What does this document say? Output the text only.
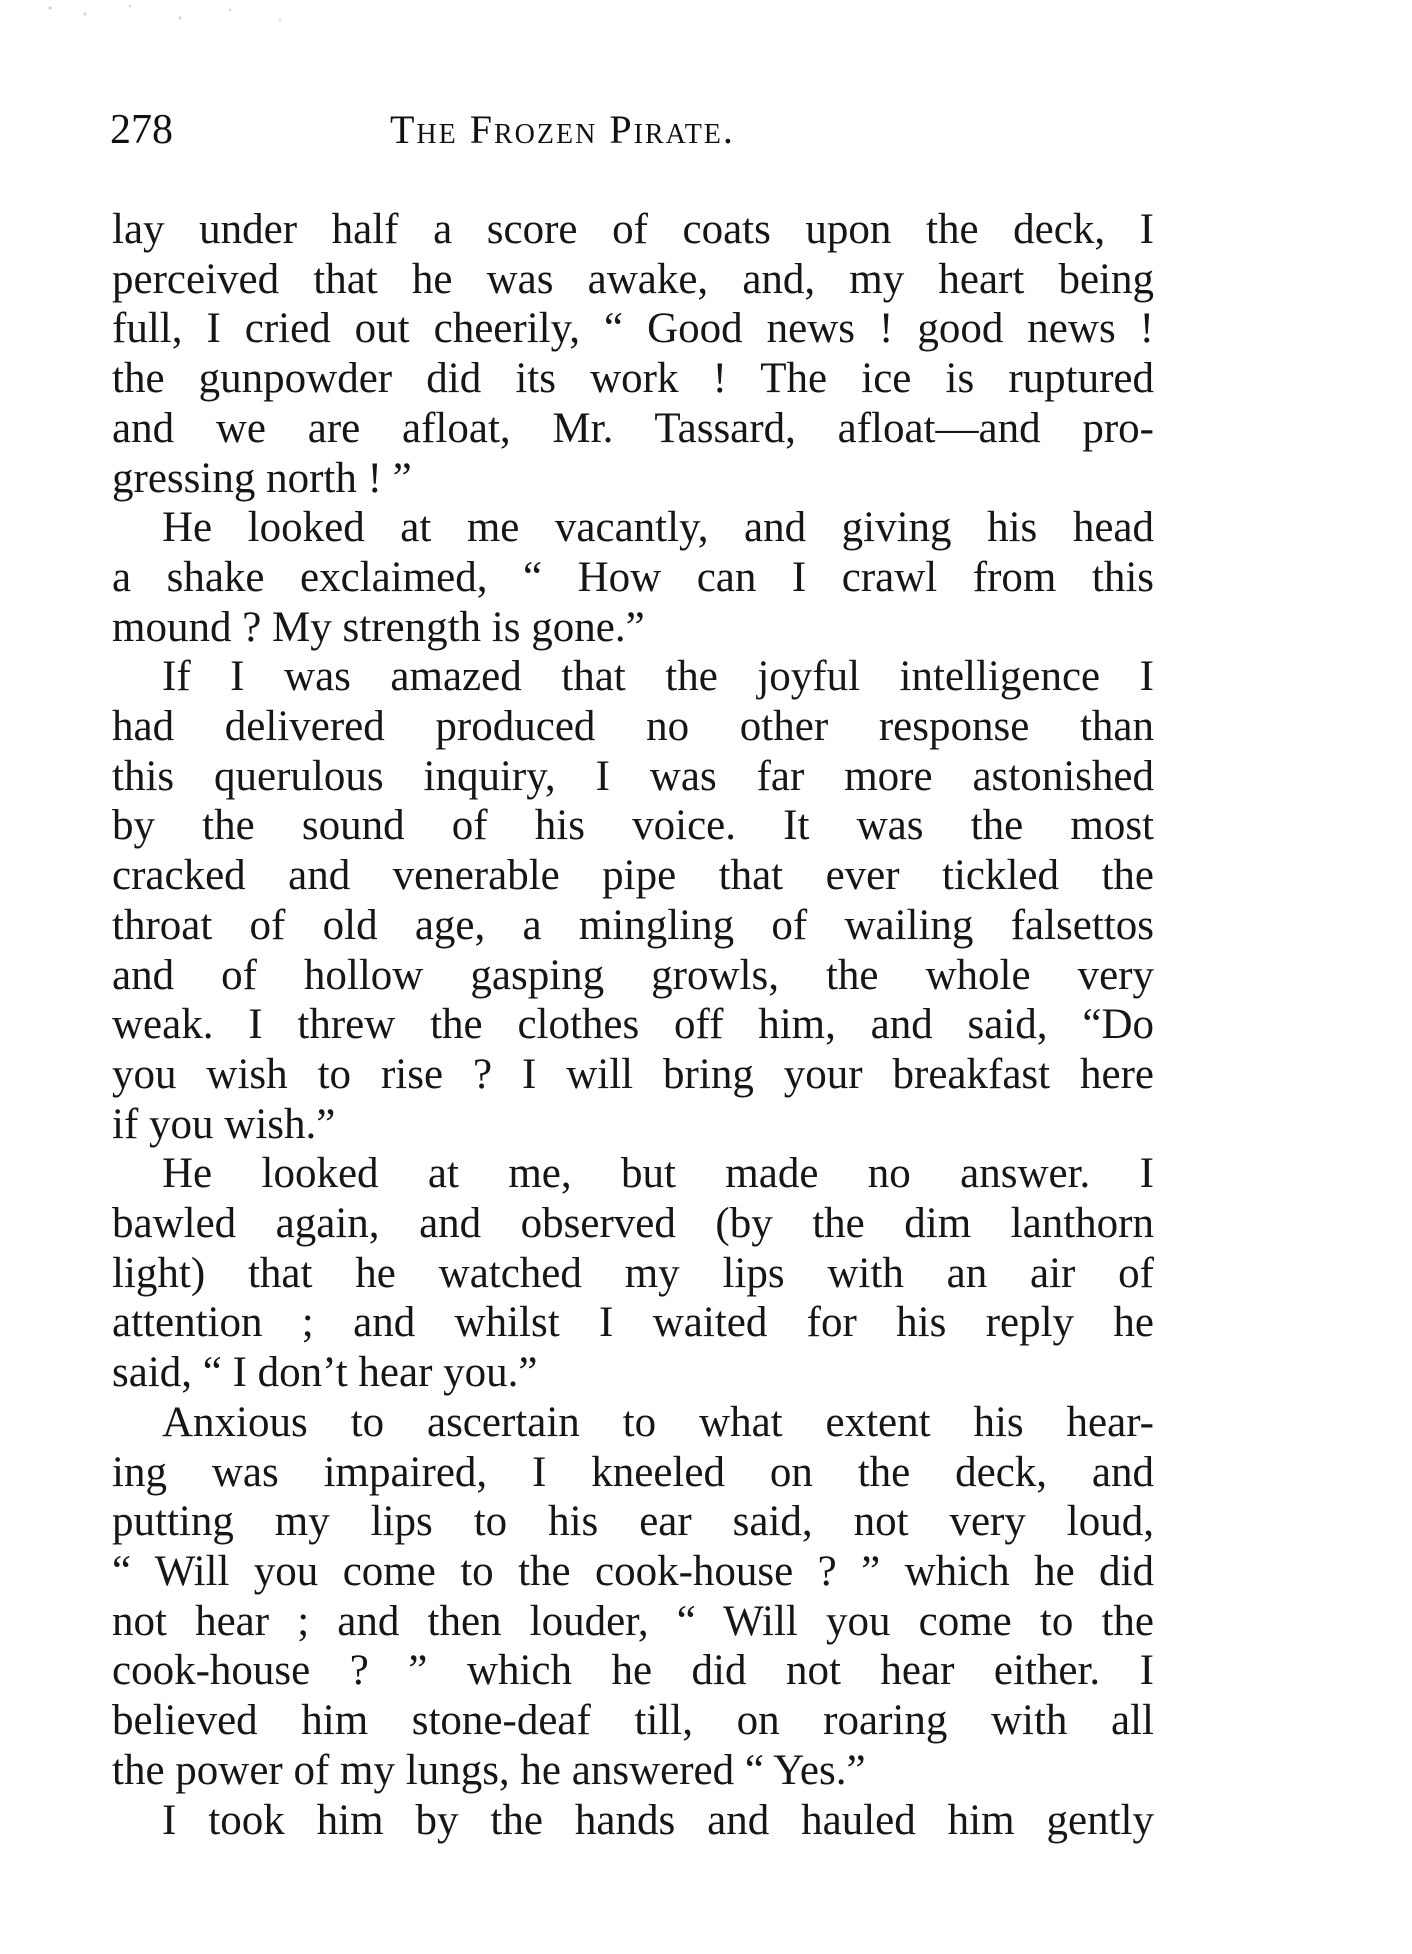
278	The Frozen Pirate.
lay under half a score of coats upon the deck, I
perceived that he was awake, and, my heart being
full, I cried out cheerily, “ Good news ! good news !
the gunpowder did its work ! The ice is ruptured
and we are afloat, Mr. Tassard, afloat—and pro-
gressing north ! ”
He looked at me vacantly, and giving his head
a shake exclaimed, “ How can I crawl from this
mound ? My strength is gone.”
If I was amazed that the joyful intelligence I
had delivered produced no other response than
this querulous inquiry, I was far more astonished
by the sound of his voice. It was the most
cracked and venerable pipe that ever tickled the
throat of old age, a mingling of wailing falsettos
and of hollow gasping growls, the whole very
weak. I threw the clothes off him, and said, “Do
you wish to rise ? I will bring your breakfast here
if you wish.”
He looked at me, but made no answer. I
bawled again, and observed (by the dim lanthorn
light) that he watched my lips with an air of
attention ; and whilst I waited for his reply he
said, “ I don’t hear you.”
Anxious to ascertain to what extent his hear-
ing was impaired, I kneeled on the deck, and
putting my lips to his ear said, not very loud,
“ Will you come to the cook-house ? ” which he did
not hear ; and then louder, “ Will you come to the
cook-house ? ” which he did not hear either. I
believed him stone-deaf till, on roaring with all
the power of my lungs, he answered “ Yes.”
I took him by the hands and hauled him gently
